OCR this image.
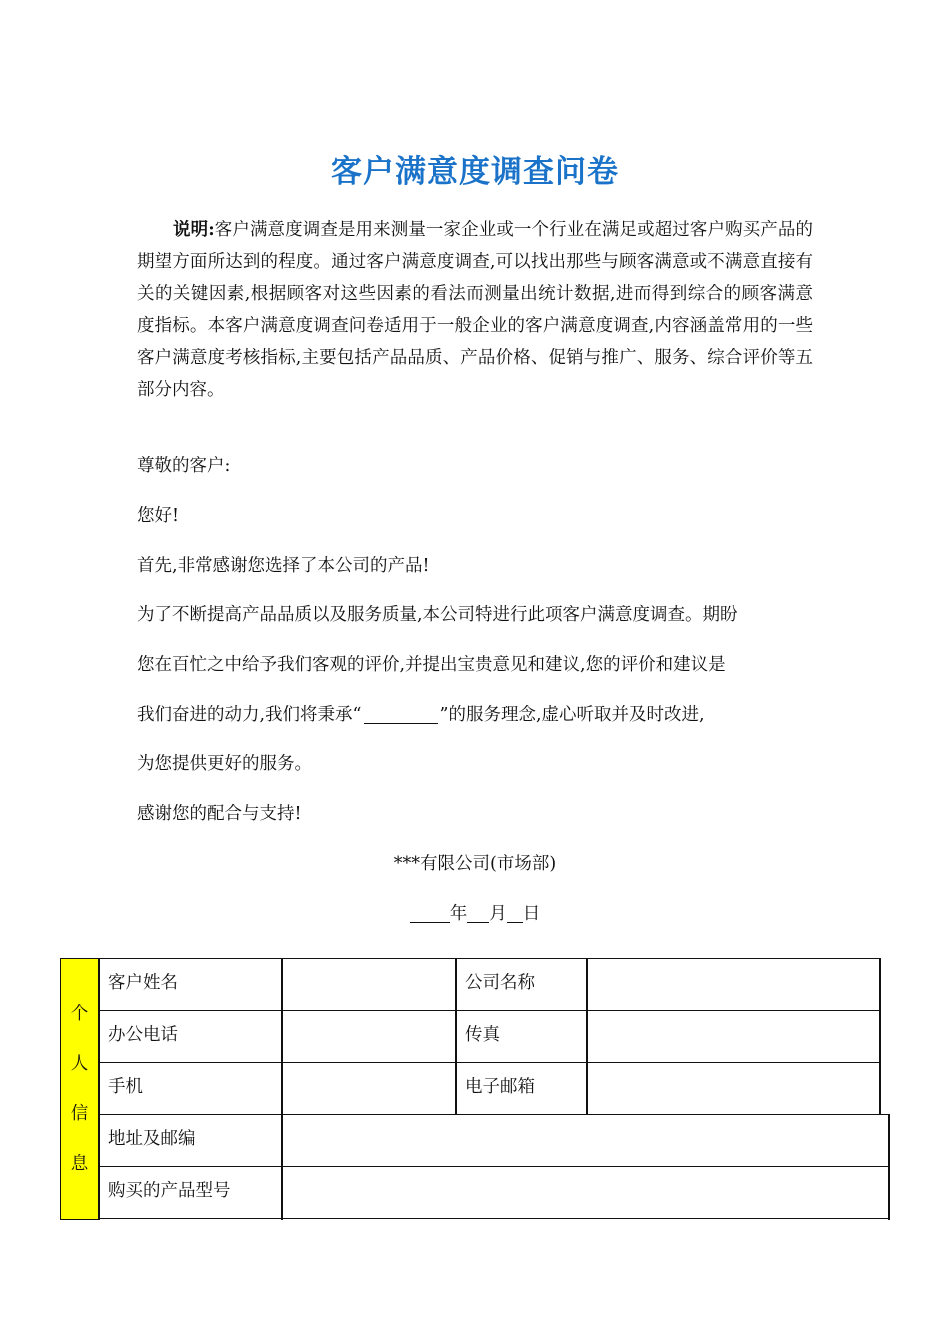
客户满意度调查问卷

说明:客户满意度调查是用来测量一家企业或一个行业在满足或超过客户购买产品的期望方面所达到的程度。通过客户满意度调查,可以找出那些与顾客满意或不满意直接有关的关键因素,根据顾客对这些因素的看法而测量出统计数据,进而得到综合的顾客满意度指标。本客户满意度调查问卷适用于一般企业的客户满意度调查,内容涵盖常用的一些客户满意度考核指标,主要包括产品品质、产品价格、促销与推广、服务、综合评价等五部分内容。

尊敬的客户:

您好!

首先,非常感谢您选择了本公司的产品!

为了不断提高产品品质以及服务质量,本公司特进行此项客户满意度调查。期盼

您在百忙之中给予我们客观的评价,并提出宝贵意见和建议,您的评价和建议是

我们奋进的动力,我们将秉承“	”的服务理念,虚心听取并及时改进,

为您提供更好的服务。

感谢您的配合与支持!

***有限公司(市场部)

年 月 日

个
人
信
息
客户姓名	公司名称
办公电话	传真
手机	电子邮箱
地址及邮编
购买的产品型号
